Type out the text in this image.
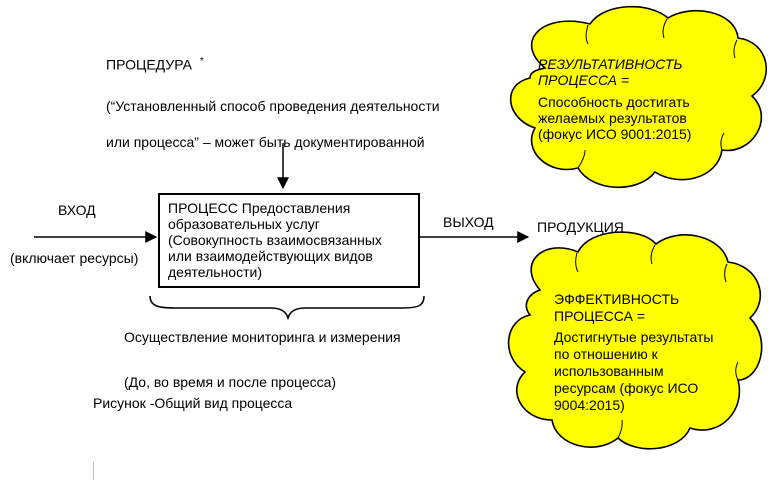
ПРОЦЕДУРА *
(“Установленный способ проведения деятельности
или процесса” – может быть документированной
ВХОД
(включает ресурсы)
ПРОЦЕСС Предоставления
образовательных услуг
(Совокупность взаимосвязанных
или взаимодействующих видов
деятельности)
ВЫХОД	ПРОДУКЦИЯ
Осуществление мониторинга и измерения
(До, во время и после процесса)
Рисунок -Общий вид процесса
РЕЗУЛЬТАТИВНОСТЬ
ПРОЦЕССА =
Способность достигать
желаемых результатов
(фокус ИСО 9001:2015)
ЭФФЕКТИВНОСТЬ
ПРОЦЕССА =
Достигнутые результаты
по отношению к
использованным
ресурсам (фокус ИСО
9004:2015)
